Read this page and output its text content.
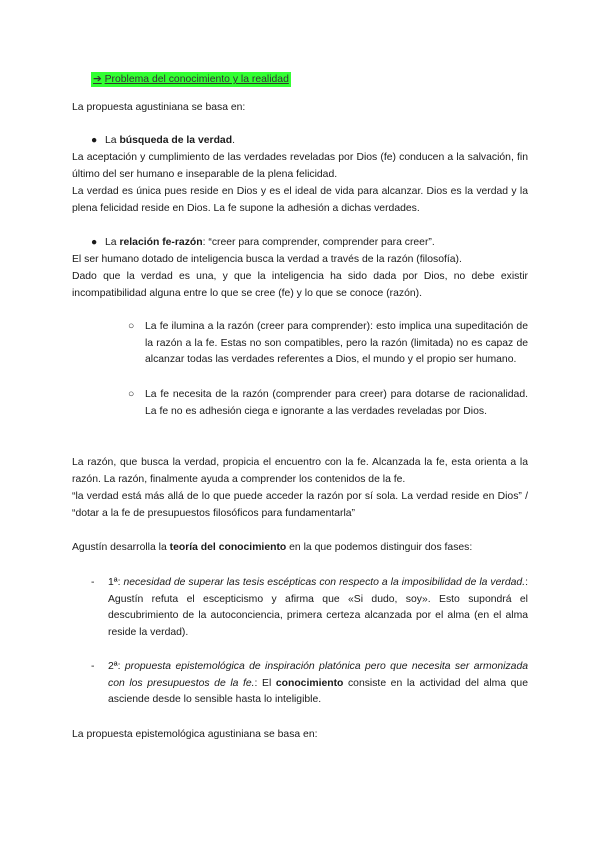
➔ Problema del conocimiento y la realidad
La propuesta agustiniana se basa en:
● La búsqueda de la verdad.
La aceptación y cumplimiento de las verdades reveladas por Dios (fe) conducen a la salvación, fin último del ser humano e inseparable de la plena felicidad.
La verdad es única pues reside en Dios y es el ideal de vida para alcanzar. Dios es la verdad y la plena felicidad reside en Dios. La fe supone la adhesión a dichas verdades.
● La relación fe-razón: “creer para comprender, comprender para creer”.
El ser humano dotado de inteligencia busca la verdad a través de la razón (filosofía).
Dado que la verdad es una, y que la inteligencia ha sido dada por Dios, no debe existir incompatibilidad alguna entre lo que se cree (fe) y lo que se conoce (razón).
○ La fe ilumina a la razón (creer para comprender): esto implica una supeditación de la razón a la fe. Estas no son compatibles, pero la razón (limitada) no es capaz de alcanzar todas las verdades referentes a Dios, el mundo y el propio ser humano.
○ La fe necesita de la razón (comprender para creer) para dotarse de racionalidad. La fe no es adhesión ciega e ignorante a las verdades reveladas por Dios.
La razón, que busca la verdad, propicia el encuentro con la fe. Alcanzada la fe, esta orienta a la razón. La razón, finalmente ayuda a comprender los contenidos de la fe.
“la verdad está más allá de lo que puede acceder la razón por sí sola. La verdad reside en Dios” / “dotar a la fe de presupuestos filosóficos para fundamentarla”
Agustín desarrolla la teoría del conocimiento en la que podemos distinguir dos fases:
- 1ª: necesidad de superar las tesis escépticas con respecto a la imposibilidad de la verdad.: Agustín refuta el escepticismo y afirma que «Si dudo, soy». Esto supondrá el descubrimiento de la autoconciencia, primera certeza alcanzada por el alma (en el alma reside la verdad).
- 2ª: propuesta epistemológica de inspiración platónica pero que necesita ser armonizada con los presupuestos de la fe.: El conocimiento consiste en la actividad del alma que asciende desde lo sensible hasta lo inteligible.
La propuesta epistemológica agustiniana se basa en:
